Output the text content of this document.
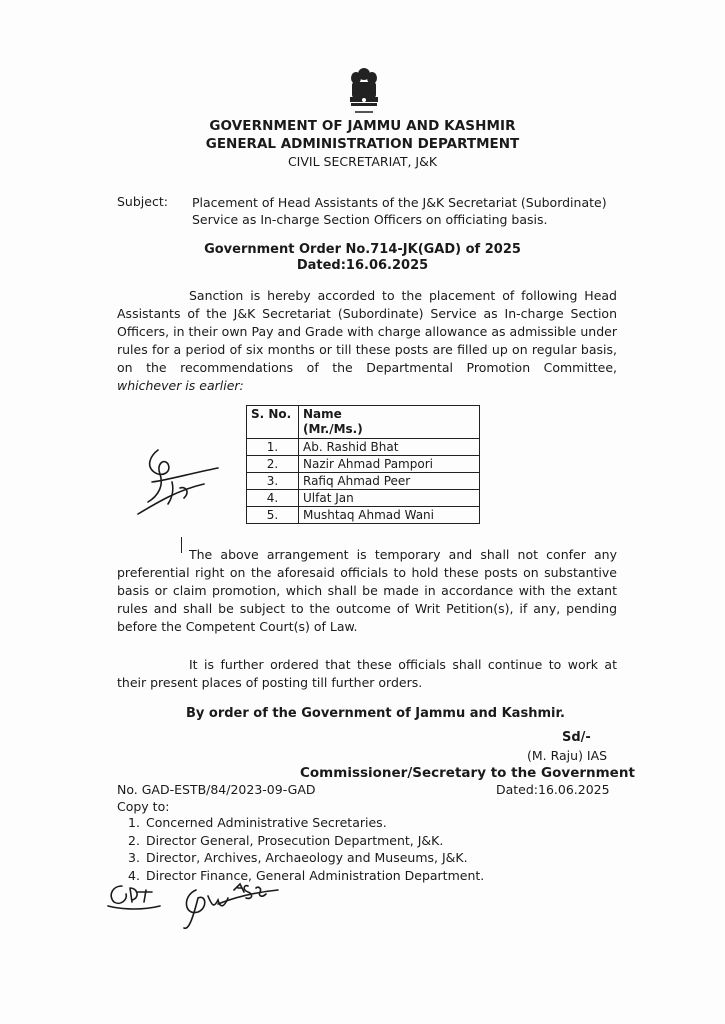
GOVERNMENT OF JAMMU AND KASHMIR
GENERAL ADMINISTRATION DEPARTMENT
CIVIL SECRETARIAT, J&K
Subject: Placement of Head Assistants of the J&K Secretariat (Subordinate) Service as In-charge Section Officers on officiating basis.
Government Order No.714-JK(GAD) of 2025
Dated:16.06.2025
Sanction is hereby accorded to the placement of following Head Assistants of the J&K Secretariat (Subordinate) Service as In-charge Section Officers, in their own Pay and Grade with charge allowance as admissible under rules for a period of six months or till these posts are filled up on regular basis, on the recommendations of the Departmental Promotion Committee, whichever is earlier:
S. No.	Name
(Mr./Ms.)

1.	Ab. Rashid Bhat
2.	Nazir Ahmad Pampori
3.	Rafiq Ahmad Peer
4.	Ulfat Jan
5.	Mushtaq Ahmad Wani
The above arrangement is temporary and shall not confer any preferential right on the aforesaid officials to hold these posts on substantive basis or claim promotion, which shall be made in accordance with the extant rules and shall be subject to the outcome of Writ Petition(s), if any, pending before the Competent Court(s) of Law.
It is further ordered that these officials shall continue to work at their present places of posting till further orders.
By order of the Government of Jammu and Kashmir.
Sd/-
(M. Raju) IAS
Commissioner/Secretary to the Government
No. GAD-ESTB/84/2023-09-GAD	Dated:16.06.2025
Copy to:
1. Concerned Administrative Secretaries.
2. Director General, Prosecution Department, J&K.
3. Director, Archives, Archaeology and Museums, J&K.
4. Director Finance, General Administration Department.
